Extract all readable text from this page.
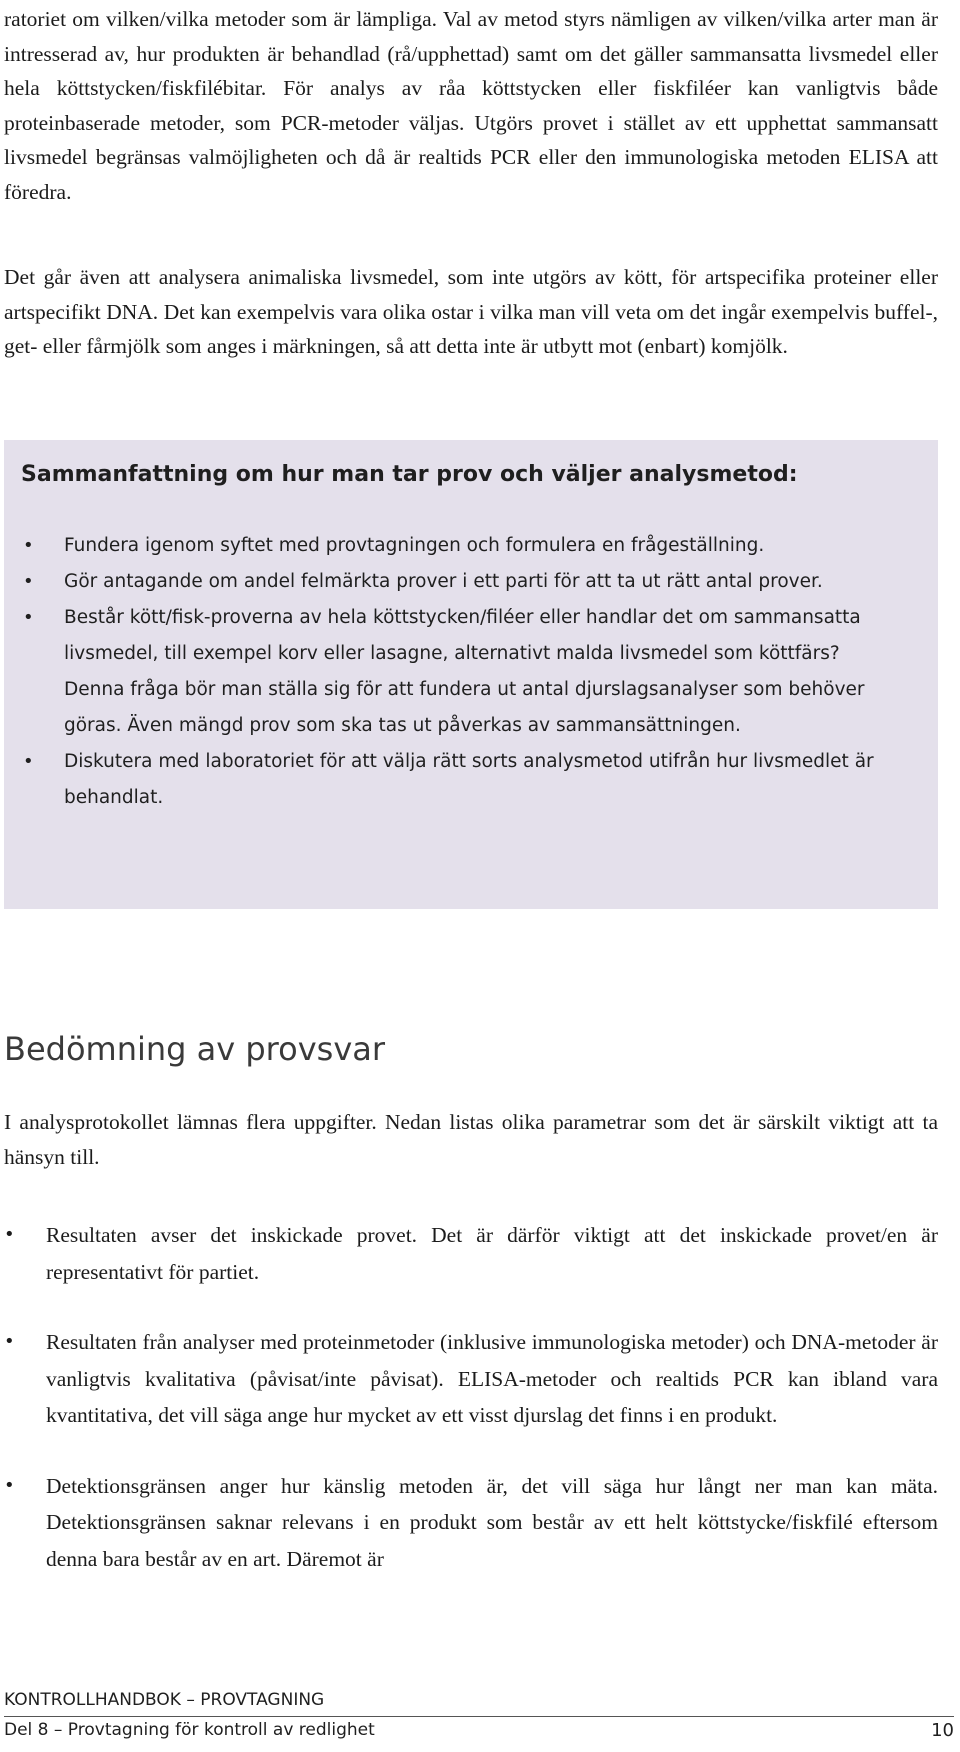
ratoriet om vilken/vilka metoder som är lämpliga. Val av metod styrs nämligen av vilken/vilka arter man är intresserad av, hur produkten är behandlad (rå/upphettad) samt om det gäller sammansatta livsmedel eller hela köttstycken/fiskfilébitar. För analys av råa köttstycken eller fiskfiléer kan vanligtvis både proteinbaserade metoder, som PCR-metoder väljas. Utgörs provet i stället av ett upphettat sammansatt livsmedel begränsas valmöjligheten och då är realtids PCR eller den immunologiska metoden ELISA att föredra.

Det går även att analysera animaliska livsmedel, som inte utgörs av kött, för artspecifika proteiner eller artspecifikt DNA. Det kan exempelvis vara olika ostar i vilka man vill veta om det ingår exempelvis buffel-, get- eller fårmjölk som anges i märkningen, så att detta inte är utbytt mot (enbart) komjölk.

Sammanfattning om hur man tar prov och väljer analysmetod:
• Fundera igenom syftet med provtagningen och formulera en frågeställning.
• Gör antagande om andel felmärkta prover i ett parti för att ta ut rätt antal prover.
• Består kött/fisk-proverna av hela köttstycken/filéer eller handlar det om sammansatta livsmedel, till exempel korv eller lasagne, alternativt malda livsmedel som köttfärs? Denna fråga bör man ställa sig för att fundera ut antal djurslagsanalyser som behöver göras. Även mängd prov som ska tas ut påverkas av sammansättningen.
• Diskutera med laboratoriet för att välja rätt sorts analysmetod utifrån hur livsmedlet är behandlat.
Bedömning av provsvar

I analysprotokollet lämnas flera uppgifter. Nedan listas olika parametrar som det är särskilt viktigt att ta hänsyn till.

• Resultaten avser det inskickade provet. Det är därför viktigt att det inskickade provet/en är representativt för partiet.
• Resultaten från analyser med proteinmetoder (inklusive immunologiska metoder) och DNA-metoder är vanligtvis kvalitativa (påvisat/inte påvisat). ELISA-metoder och realtids PCR kan ibland vara kvantitativa, det vill säga ange hur mycket av ett visst djurslag det finns i en produkt.
• Detektionsgränsen anger hur känslig metoden är, det vill säga hur långt ner man kan mäta. Detektionsgränsen saknar relevans i en produkt som består av ett helt köttstycke/fiskfilé eftersom denna bara består av en art. Däremot är
KONTROLLHANDBOK – PROVTAGNING
Del 8 – Provtagning för kontroll av redlighet	10
